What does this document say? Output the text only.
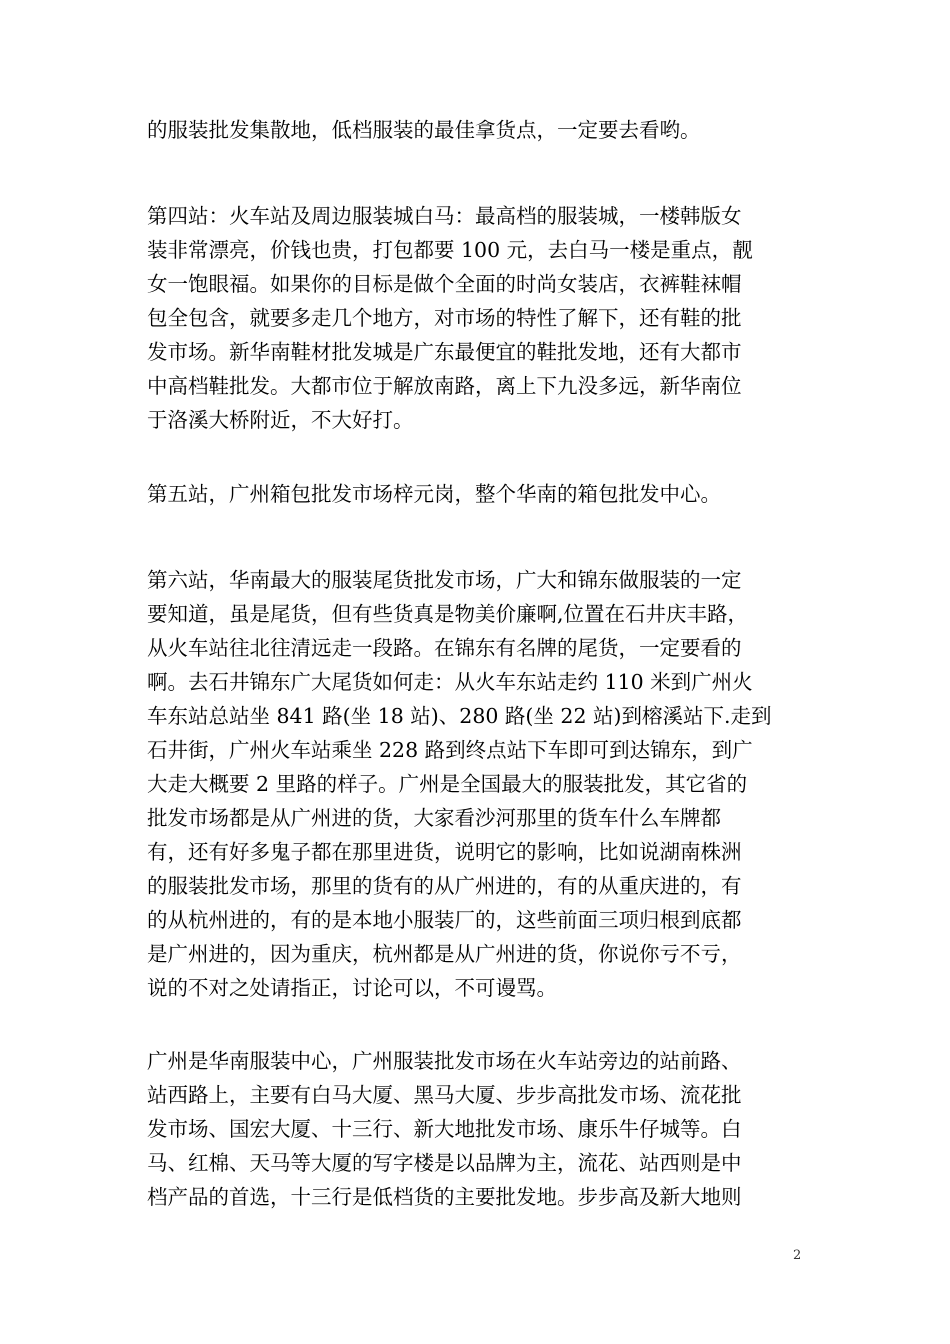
的服装批发集散地，低档服装的最佳拿货点，一定要去看哟。
第四站：火车站及周边服装城白马：最高档的服装城，一楼韩版女
装非常漂亮，价钱也贵，打包都要 100 元，去白马一楼是重点，靓
女一饱眼福。如果你的目标是做个全面的时尚女装店，衣裤鞋袜帽
包全包含，就要多走几个地方，对市场的特性了解下，还有鞋的批
发市场。新华南鞋材批发城是广东最便宜的鞋批发地，还有大都市
中高档鞋批发。大都市位于解放南路，离上下九没多远，新华南位
于洛溪大桥附近，不大好打。
第五站，广州箱包批发市场梓元岗，整个华南的箱包批发中心。
第六站，华南最大的服装尾货批发市场，广大和锦东做服装的一定
要知道，虽是尾货，但有些货真是物美价廉啊,位置在石井庆丰路，
从火车站往北往清远走一段路。在锦东有名牌的尾货，一定要看的
啊。去石井锦东广大尾货如何走：从火车东站走约 110 米到广州火
车东站总站坐 841 路(坐 18 站)、280 路(坐 22 站)到榕溪站下.走到
石井街，广州火车站乘坐 228 路到终点站下车即可到达锦东，到广
大走大概要 2 里路的样子。广州是全国最大的服装批发，其它省的
批发市场都是从广州进的货，大家看沙河那里的货车什么车牌都
有，还有好多鬼子都在那里进货，说明它的影响，比如说湖南株洲
的服装批发市场，那里的货有的从广州进的，有的从重庆进的，有
的从杭州进的，有的是本地小服装厂的，这些前面三项归根到底都
是广州进的，因为重庆，杭州都是从广州进的货，你说你亏不亏，
说的不对之处请指正，讨论可以，不可谩骂。
广州是华南服装中心，广州服装批发市场在火车站旁边的站前路、
站西路上，主要有白马大厦、黑马大厦、步步高批发市场、流花批
发市场、国宏大厦、十三行、新大地批发市场、康乐牛仔城等。白
马、红棉、天马等大厦的写字楼是以品牌为主，流花、站西则是中
档产品的首选，十三行是低档货的主要批发地。步步高及新大地则
2
